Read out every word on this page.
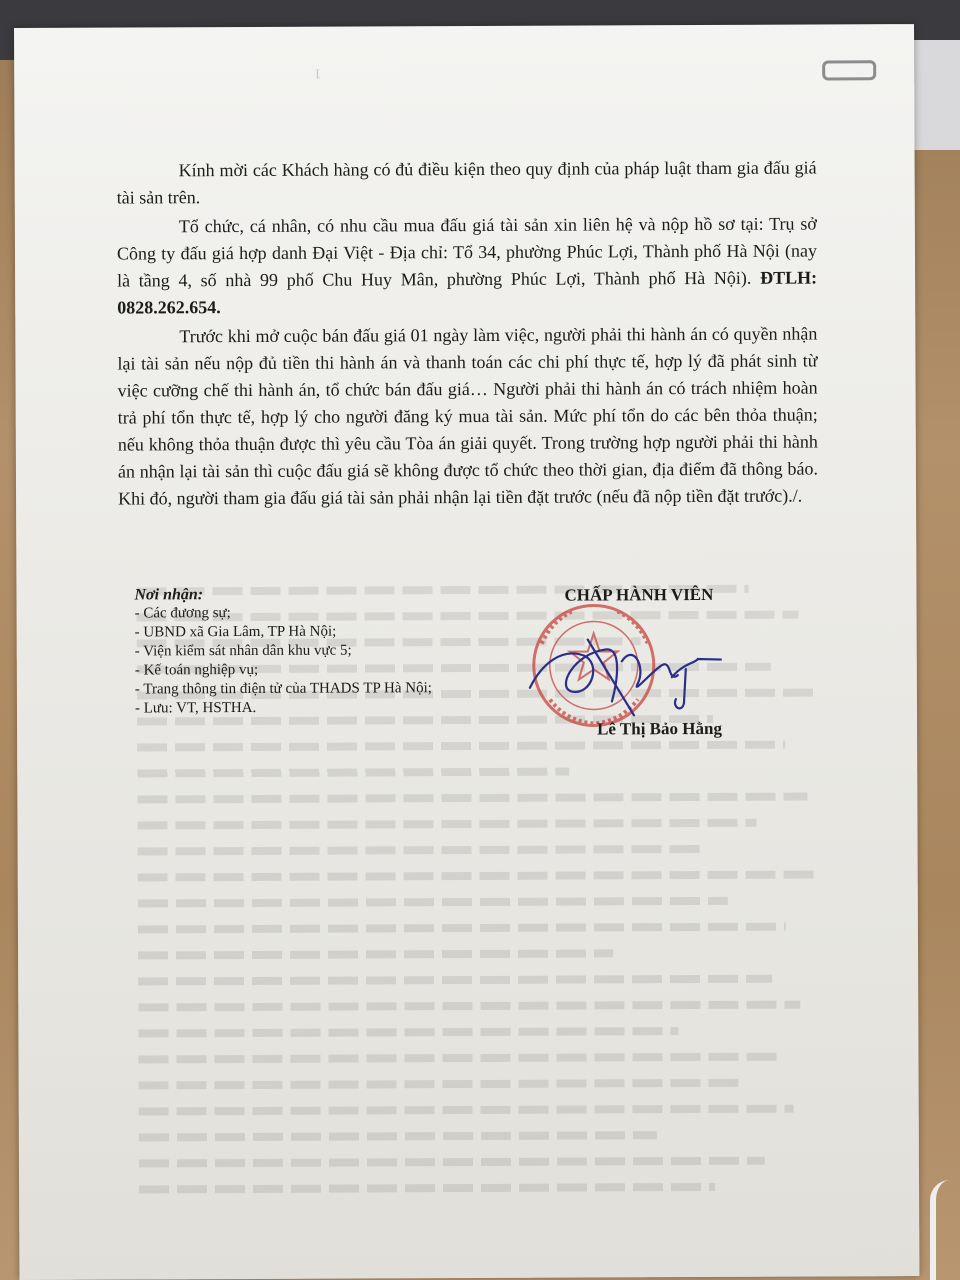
1

Kính mời các Khách hàng có đủ điều kiện theo quy định của pháp luật tham gia đấu giá tài sản trên.

Tổ chức, cá nhân, có nhu cầu mua đấu giá tài sản xin liên hệ và nộp hồ sơ tại: Trụ sở Công ty đấu giá hợp danh Đại Việt - Địa chỉ: Tổ 34, phường Phúc Lợi, Thành phố Hà Nội (nay là tầng 4, số nhà 99 phố Chu Huy Mân, phường Phúc Lợi, Thành phố Hà Nội). ĐTLH: 0828.262.654.

Trước khi mở cuộc bán đấu giá 01 ngày làm việc, người phải thi hành án có quyền nhận lại tài sản nếu nộp đủ tiền thi hành án và thanh toán các chi phí thực tế, hợp lý đã phát sinh từ việc cưỡng chế thi hành án, tổ chức bán đấu giá… Người phải thi hành án có trách nhiệm hoàn trả phí tổn thực tế, hợp lý cho người đăng ký mua tài sản. Mức phí tổn do các bên thỏa thuận; nếu không thỏa thuận được thì yêu cầu Tòa án giải quyết. Trong trường hợp người phải thi hành án nhận lại tài sản thì cuộc đấu giá sẽ không được tổ chức theo thời gian, địa điểm đã thông báo. Khi đó, người tham gia đấu giá tài sản phải nhận lại tiền đặt trước (nếu đã nộp tiền đặt trước)./.

Nơi nhận:
- Các đương sự;
- UBND xã Gia Lâm, TP Hà Nội;
- Viện kiểm sát nhân dân khu vực 5;
- Kế toán nghiệp vụ;
- Trang thông tin điện tử của THADS TP Hà Nội;
- Lưu: VT, HSTHA.
CHẤP HÀNH VIÊN
Lê Thị Bảo Hằng
